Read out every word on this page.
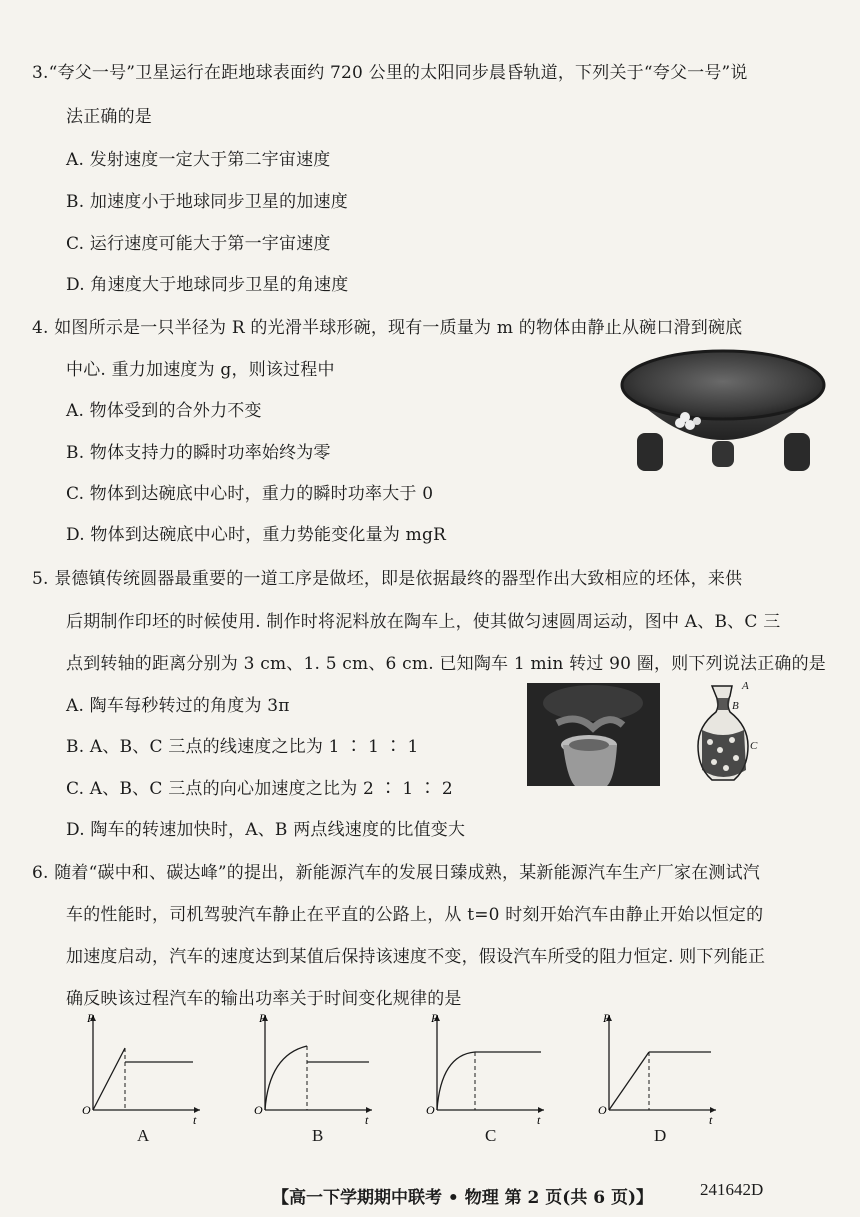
3.“夸父一号”卫星运行在距地球表面约 720 公里的太阳同步晨昏轨道，下列关于“夸父一号”说
法正确的是
A. 发射速度一定大于第二宇宙速度
B. 加速度小于地球同步卫星的加速度
C. 运行速度可能大于第一宇宙速度
D. 角速度大于地球同步卫星的角速度
4. 如图所示是一只半径为 R 的光滑半球形碗，现有一质量为 m 的物体由静止从碗口滑到碗底
中心. 重力加速度为 g，则该过程中
A. 物体受到的合外力不变
B. 物体支持力的瞬时功率始终为零
C. 物体到达碗底中心时，重力的瞬时功率大于 0
D. 物体到达碗底中心时，重力势能变化量为 mgR
5. 景德镇传统圆器最重要的一道工序是做坯，即是依据最终的器型作出大致相应的坯体，来供
后期制作印坯的时候使用. 制作时将泥料放在陶车上，使其做匀速圆周运动，图中 A、B、C 三
点到转轴的距离分别为 3 cm、1. 5 cm、6 cm. 已知陶车 1 min 转过 90 圈，则下列说法正确的是
A. 陶车每秒转过的角度为 3π
B. A、B、C 三点的线速度之比为 1 ∶ 1 ∶ 1
C. A、B、C 三点的向心加速度之比为 2 ∶ 1 ∶ 2
D. 陶车的转速加快时，A、B 两点线速度的比值变大
A
B
C
6. 随着“碳中和、碳达峰”的提出，新能源汽车的发展日臻成熟，某新能源汽车生产厂家在测试汽
车的性能时，司机驾驶汽车静止在平直的公路上，从 t=0 时刻开始汽车由静止开始以恒定的
加速度启动，汽车的速度达到某值后保持该速度不变，假设汽车所受的阻力恒定. 则下列能正
确反映该过程汽车的输出功率关于时间变化规律的是
P
O
t
A
P
O
t
B
P
O
t
C
P
O
t
D
【高一下学期期中联考 • 物理 第 2 页(共 6 页)】	241642D
